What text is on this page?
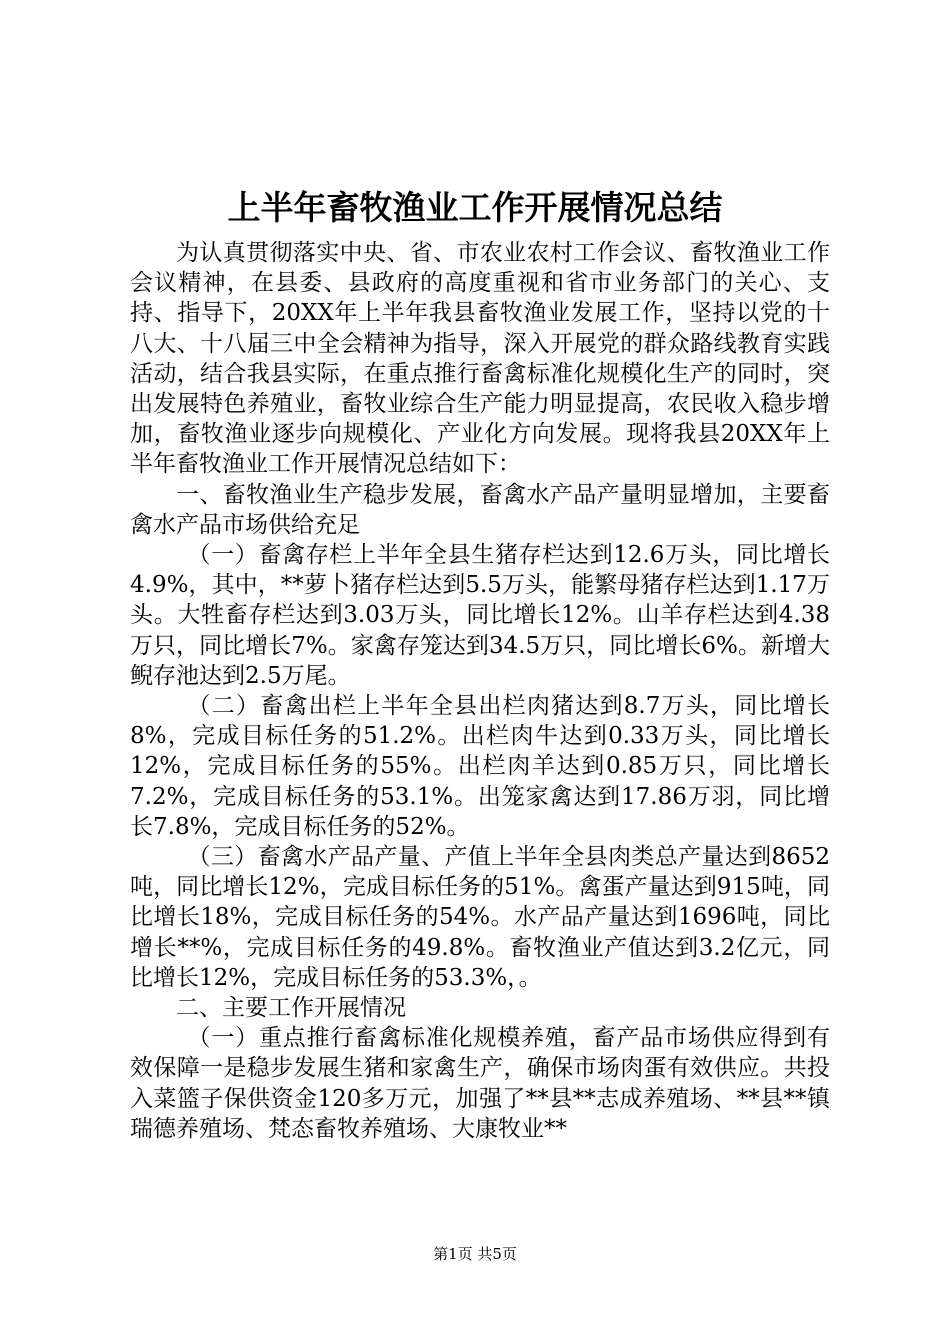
上半年畜牧渔业工作开展情况总结

为认真贯彻落实中央、省、市农业农村工作会议、畜牧渔业工作会议精神，在县委、县政府的高度重视和省市业务部门的关心、支持、指导下，20XX年上半年我县畜牧渔业发展工作，坚持以党的十八大、十八届三中全会精神为指导，深入开展党的群众路线教育实践活动，结合我县实际，在重点推行畜禽标准化规模化生产的同时，突出发展特色养殖业，畜牧业综合生产能力明显提高，农民收入稳步增加，畜牧渔业逐步向规模化、产业化方向发展。现将我县20XX年上半年畜牧渔业工作开展情况总结如下：

一、畜牧渔业生产稳步发展，畜禽水产品产量明显增加，主要畜禽水产品市场供给充足

（一）畜禽存栏上半年全县生猪存栏达到12.6万头，同比增长4.9%，其中，**萝卜猪存栏达到5.5万头，能繁母猪存栏达到1.17万头。大牲畜存栏达到3.03万头，同比增长12%。山羊存栏达到4.38万只，同比增长7%。家禽存笼达到34.5万只，同比增长6%。新增大鲵存池达到2.5万尾。

（二）畜禽出栏上半年全县出栏肉猪达到8.7万头，同比增长8%，完成目标任务的51.2%。出栏肉牛达到0.33万头，同比增长12%，完成目标任务的55%。出栏肉羊达到0.85万只，同比增长7.2%，完成目标任务的53.1%。出笼家禽达到17.86万羽，同比增长7.8%，完成目标任务的52%。

（三）畜禽水产品产量、产值上半年全县肉类总产量达到8652吨，同比增长12%，完成目标任务的51%。禽蛋产量达到915吨，同比增长18%，完成目标任务的54%。水产品产量达到1696吨，同比增长**%，完成目标任务的49.8%。畜牧渔业产值达到3.2亿元，同比增长12%，完成目标任务的53.3%，。

二、主要工作开展情况

（一）重点推行畜禽标准化规模养殖，畜产品市场供应得到有效保障一是稳步发展生猪和家禽生产，确保市场肉蛋有效供应。共投入菜篮子保供资金120多万元，加强了**县**志成养殖场、**县**镇瑞德养殖场、梵态畜牧养殖场、大康牧业**

第1页 共5页
